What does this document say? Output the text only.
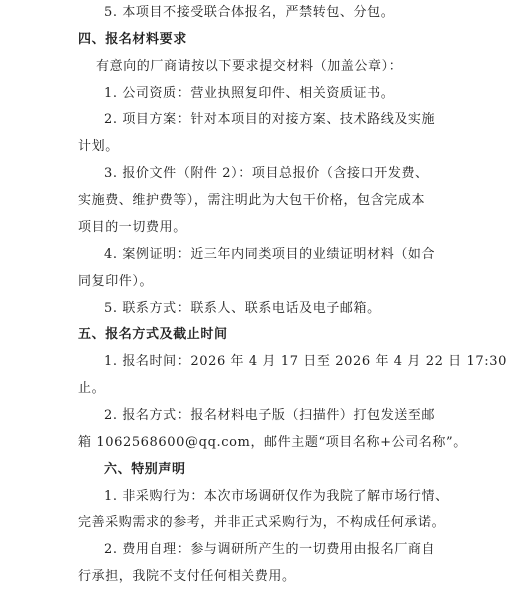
5. 本项目不接受联合体报名，严禁转包、分包。
四、报名材料要求
有意向的厂商请按以下要求提交材料（加盖公章）：
1. 公司资质：营业执照复印件、相关资质证书。
2. 项目方案：针对本项目的对接方案、技术路线及实施
计划。
3. 报价文件（附件 2）：项目总报价（含接口开发费、
实施费、维护费等），需注明此为大包干价格，包含完成本
项目的一切费用。
4. 案例证明：近三年内同类项目的业绩证明材料（如合
同复印件）。
5. 联系方式：联系人、联系电话及电子邮箱。
五、报名方式及截止时间
1. 报名时间：2026 年 4 月 17 日至 2026 年 4 月 22 日 17:30
止。
2. 报名方式：报名材料电子版（扫描件）打包发送至邮
箱 1062568600@qq.com，邮件主题“项目名称+公司名称”。
六、特别声明
1. 非采购行为：本次市场调研仅作为我院了解市场行情、
完善采购需求的参考，并非正式采购行为，不构成任何承诺。
2. 费用自理：参与调研所产生的一切费用由报名厂商自
行承担，我院不支付任何相关费用。
